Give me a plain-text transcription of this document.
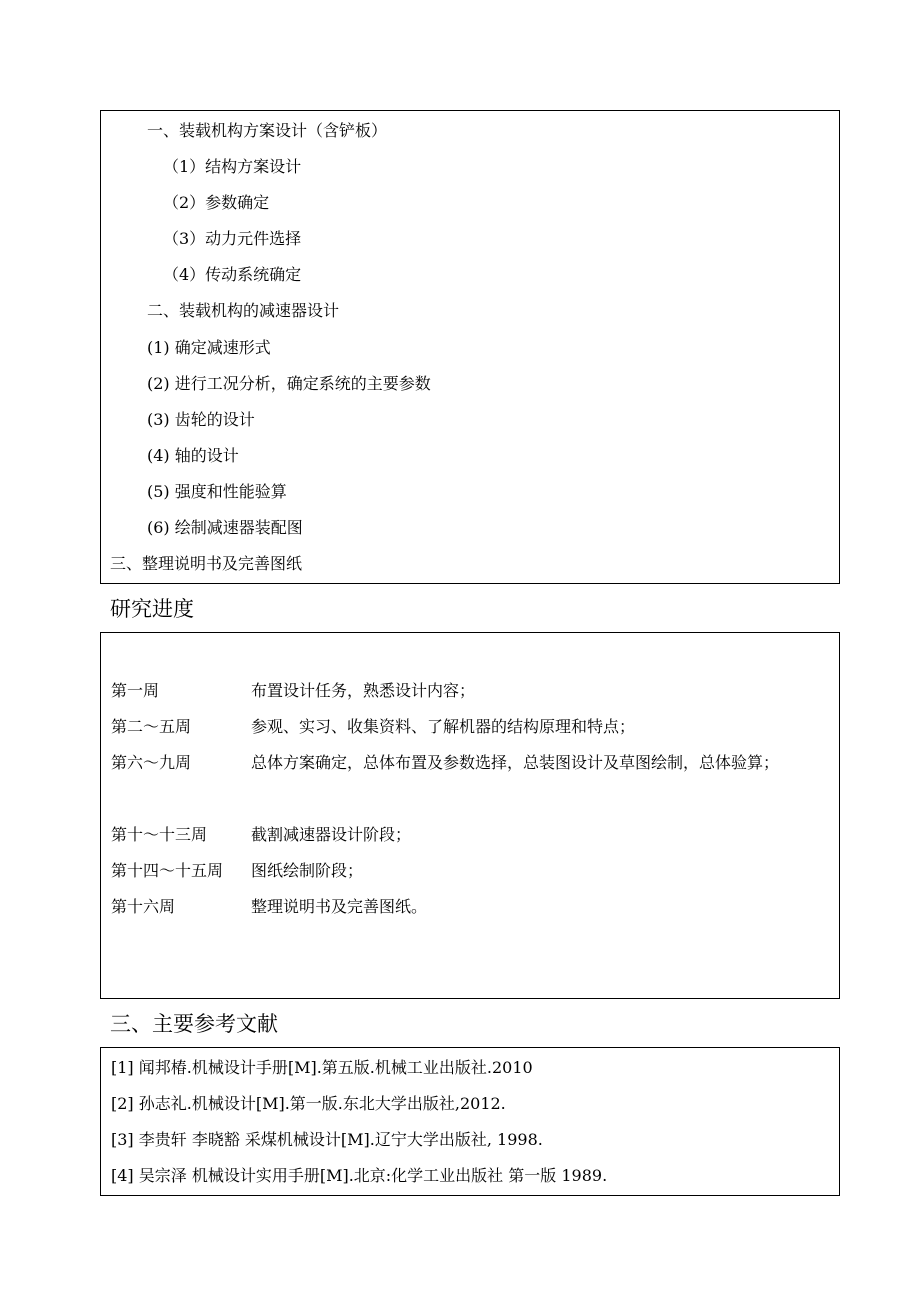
一、装载机构方案设计（含铲板）
（1）结构方案设计
（2）参数确定
（3）动力元件选择
（4）传动系统确定
二、装载机构的减速器设计
(1) 确定减速形式
(2) 进行工况分析，确定系统的主要参数
(3) 齿轮的设计
(4) 轴的设计
(5) 强度和性能验算
(6) 绘制减速器装配图
三、整理说明书及完善图纸
研究进度
第一周	布置设计任务，熟悉设计内容；
第二～五周	参观、实习、收集资料、了解机器的结构原理和特点；
第六～九周	总体方案确定，总体布置及参数选择，总装图设计及草图绘制，总体验算；
第十～十三周	截割减速器设计阶段；
第十四～十五周 图纸绘制阶段；
第十六周	整理说明书及完善图纸。
三、主要参考文献
[1] 闻邦椿.机械设计手册[M].第五版.机械工业出版社.2010
[2] 孙志礼.机械设计[M].第一版.东北大学出版社,2012.
[3] 李贵轩 李晓豁 采煤机械设计[M].辽宁大学出版社, 1998.
[4] 吴宗泽 机械设计实用手册[M].北京:化学工业出版社 第一版 1989.
